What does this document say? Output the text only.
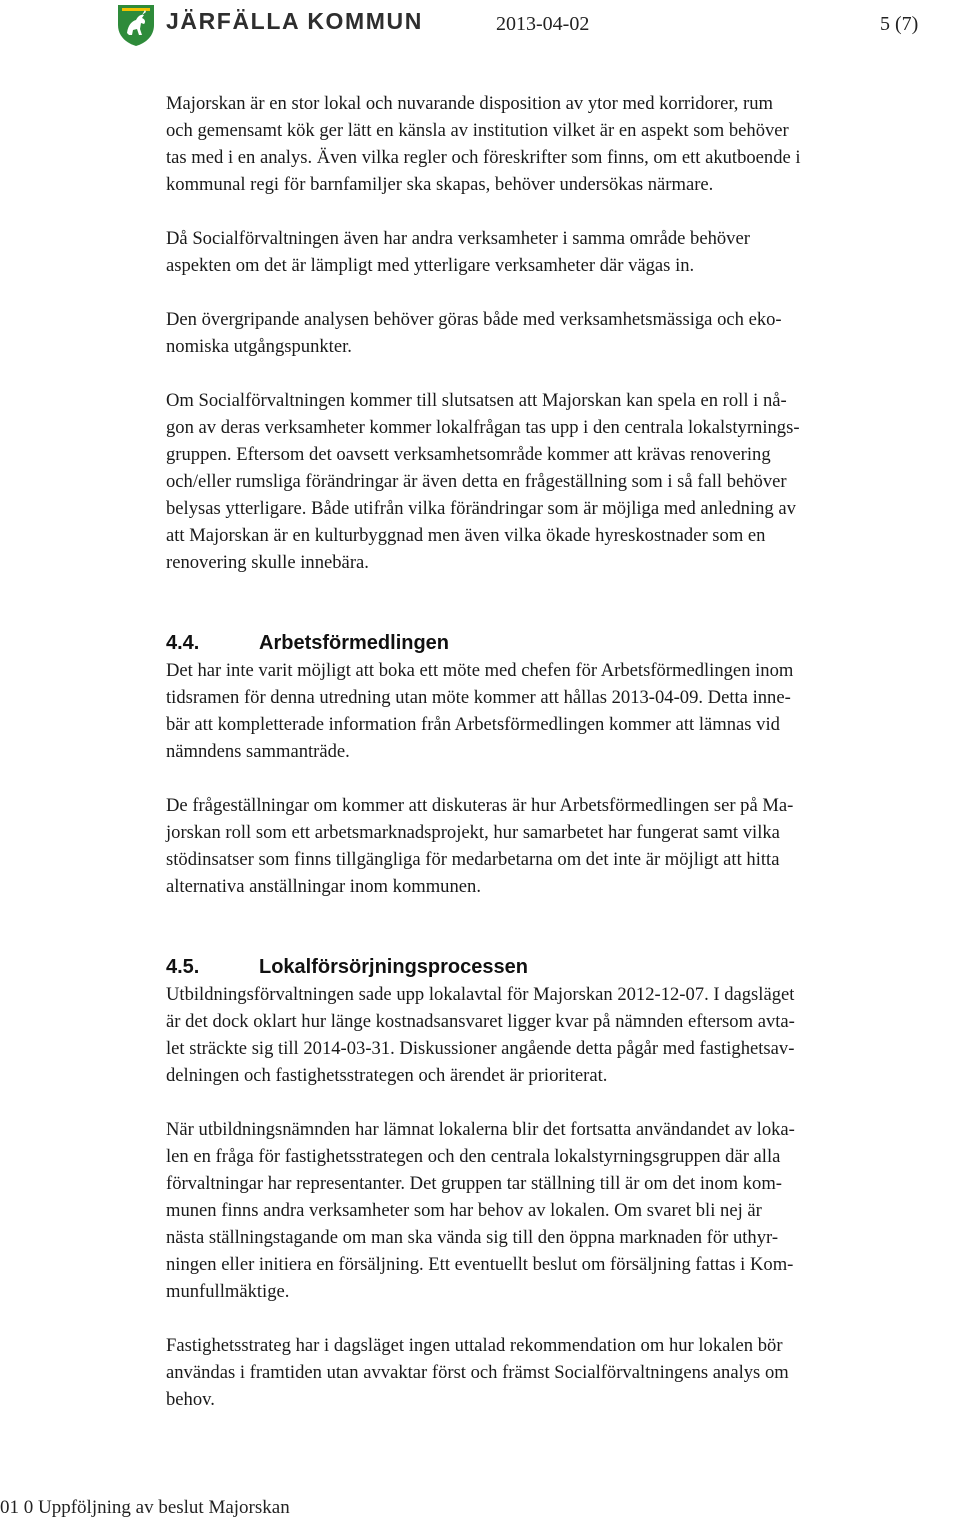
JÄRFÄLLA KOMMUN	2013-04-02	5 (7)

Majorskan är en stor lokal och nuvarande disposition av ytor med korridorer, rum
och gemensamt kök ger lätt en känsla av institution vilket är en aspekt som behöver
tas med i en analys. Även vilka regler och föreskrifter som finns, om ett akutboende i
kommunal regi för barnfamiljer ska skapas, behöver undersökas närmare.

Då Socialförvaltningen även har andra verksamheter i samma område behöver
aspekten om det är lämpligt med ytterligare verksamheter där vägas in.

Den övergripande analysen behöver göras både med verksamhetsmässiga och eko-
nomiska utgångspunkter.

Om Socialförvaltningen kommer till slutsatsen att Majorskan kan spela en roll i nå-
gon av deras verksamheter kommer lokalfrågan tas upp i den centrala lokalstyrnings-
gruppen. Eftersom det oavsett verksamhetsområde kommer att krävas renovering
och/eller rumsliga förändringar är även detta en frågeställning som i så fall behöver
belysas ytterligare. Både utifrån vilka förändringar som är möjliga med anledning av
att Majorskan är en kulturbyggnad men även vilka ökade hyreskostnader som en
renovering skulle innebära.

4.4.	Arbetsförmedlingen

Det har inte varit möjligt att boka ett möte med chefen för Arbetsförmedlingen inom
tidsramen för denna utredning utan möte kommer att hållas 2013-04-09. Detta inne-
bär att kompletterade information från Arbetsförmedlingen kommer att lämnas vid
nämndens sammanträde.

De frågeställningar om kommer att diskuteras är hur Arbetsförmedlingen ser på Ma-
jorskan roll som ett arbetsmarknadsprojekt, hur samarbetet har fungerat samt vilka
stödinsatser som finns tillgängliga för medarbetarna om det inte är möjligt att hitta
alternativa anställningar inom kommunen.

4.5.	Lokalförsörjningsprocessen

Utbildningsförvaltningen sade upp lokalavtal för Majorskan 2012-12-07. I dagsläget
är det dock oklart hur länge kostnadsansvaret ligger kvar på nämnden eftersom avta-
let sträckte sig till 2014-03-31. Diskussioner angående detta pågår med fastighetsav-
delningen och fastighetsstrategen och ärendet är prioriterat.

När utbildningsnämnden har lämnat lokalerna blir det fortsatta användandet av loka-
len en fråga för fastighetsstrategen och den centrala lokalstyrningsgruppen där alla
förvaltningar har representanter. Det gruppen tar ställning till är om det inom kom-
munen finns andra verksamheter som har behov av lokalen. Om svaret bli nej är
nästa ställningstagande om man ska vända sig till den öppna marknaden för uthyr-
ningen eller initiera en försäljning. Ett eventuellt beslut om försäljning fattas i Kom-
munfullmäktige.

Fastighetsstrateg har i dagsläget ingen uttalad rekommendation om hur lokalen bör
användas i framtiden utan avvaktar först och främst Socialförvaltningens analys om
behov.

01 0 Uppföljning av beslut Majorskan
